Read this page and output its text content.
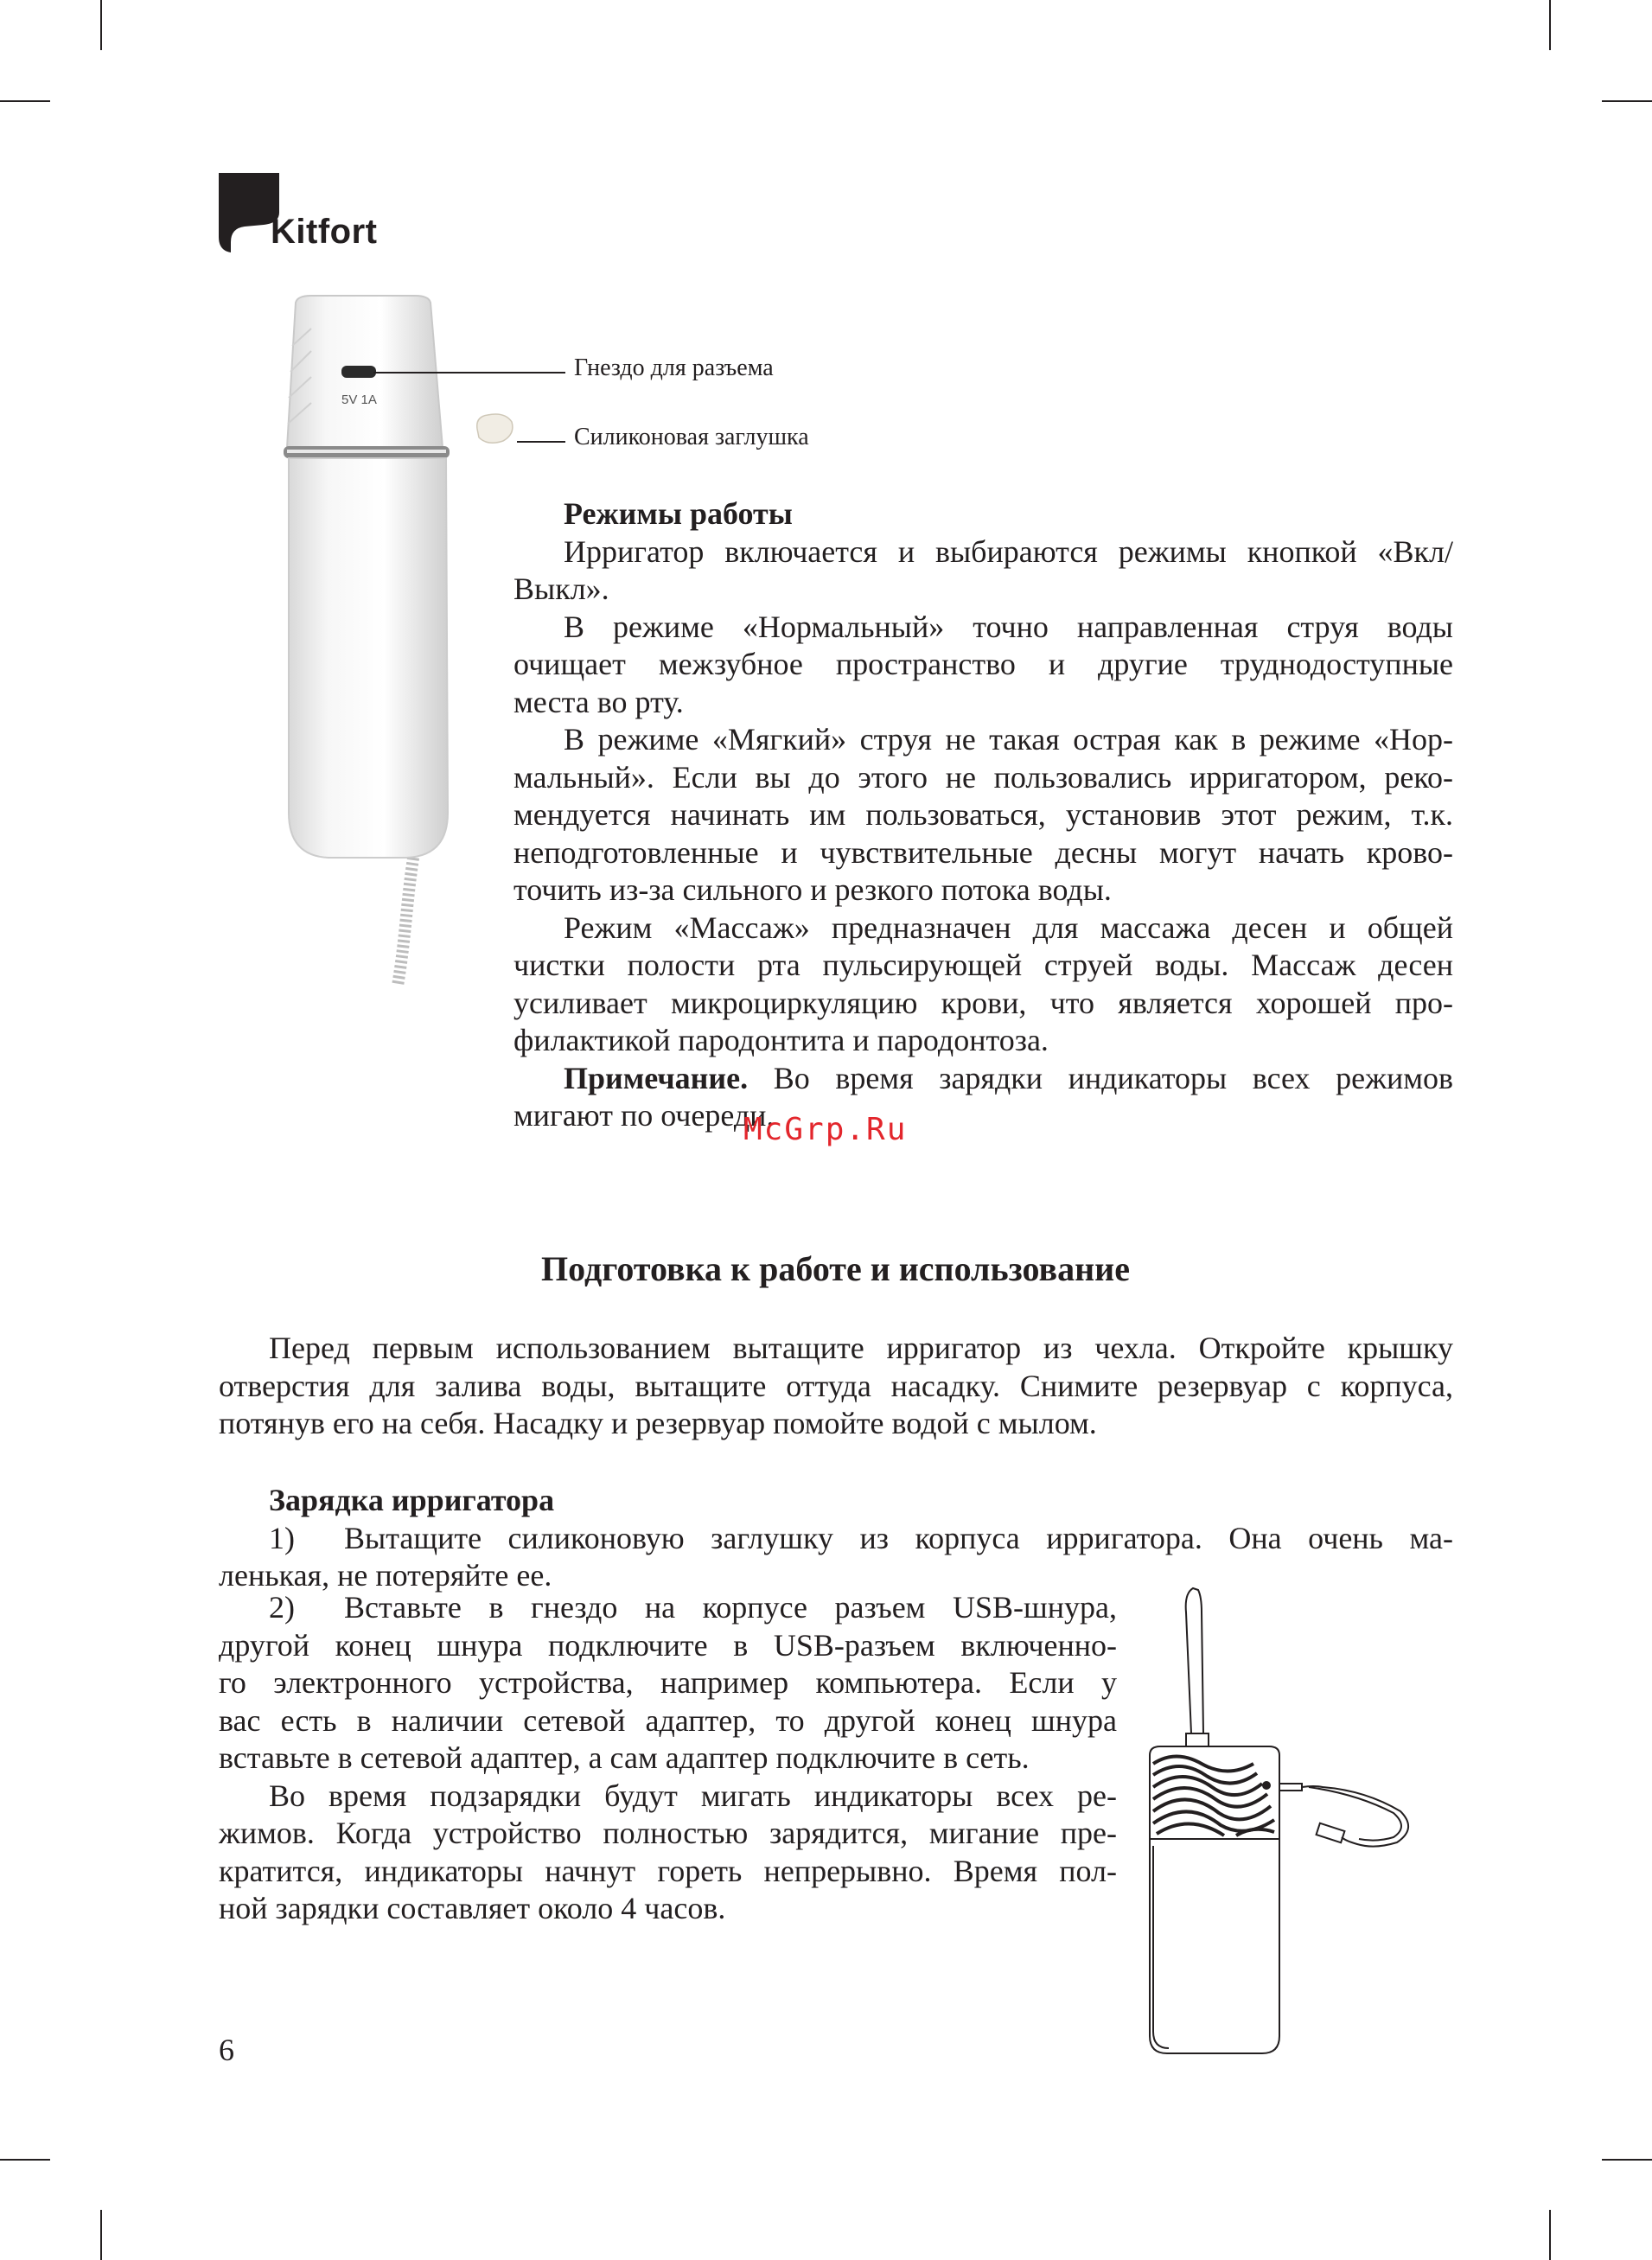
Kitfort
5V 1A
Гнездо для разъема
Силиконовая заглушка

Режимы работы

Ирригатор включается и выбираются режимы кнопкой «Вкл/

Выкл».

В режиме «Нормальный» точно направленная струя воды

очищает межзубное пространство и другие труднодоступные

места во рту.

В режиме «Мягкий» струя не такая острая как в режиме «Нор-

мальный». Если вы до этого не пользовались ирригатором, реко-

мендуется начинать им пользоваться, установив этот режим, т.к.

неподготовленные и чувствительные десны могут начать крово-

точить из-за сильного и резкого потока воды.

Режим «Массаж» предназначен для массажа десен и общей

чистки полости рта пульсирующей струей воды. Массаж десен

усиливает микроциркуляцию крови, что является хорошей про-

филактикой пародонтита и пародонтоза.

Примечание. Во время зарядки индикаторы всех режимов

мигают по очереди.

McGrp.Ru
Подготовка к работе и использование

Перед первым использованием вытащите ирригатор из чехла. Откройте крышку

отверстия для залива воды, вытащите оттуда насадку. Снимите резервуар с корпуса,

потянув его на себя. Насадку и резервуар помойте водой с мылом.

Зарядка ирригатора

1) Вытащите силиконовую заглушку из корпуса ирригатора. Она очень ма-

ленькая, не потеряйте ее.

2) Вставьте в гнездо на корпусе разъем USB-шнура,

другой конец шнура подключите в USB-разъем включенно-

го электронного устройства, например компьютера. Если у

вас есть в наличии сетевой адаптер, то другой конец шнура

вставьте в сетевой адаптер, а сам адаптер подключите в сеть.

Во время подзарядки будут мигать индикаторы всех ре-

жимов. Когда устройство полностью зарядится, мигание пре-

кратится, индикаторы начнут гореть непрерывно. Время пол-

ной зарядки составляет около 4 часов.

6
